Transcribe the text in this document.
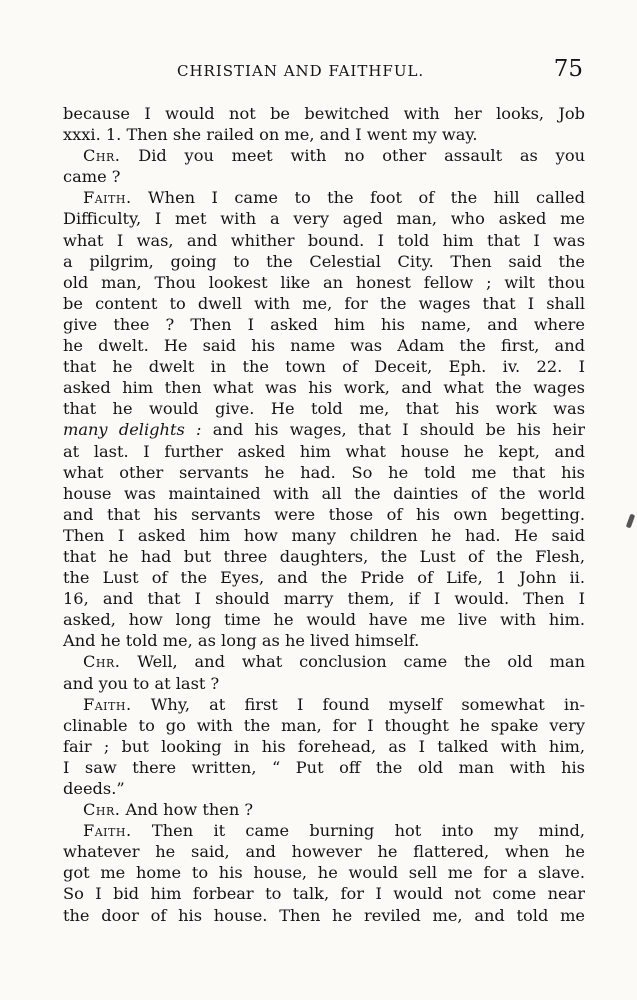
CHRISTIAN AND FAITHFUL.	75
because I would not be bewitched with her looks, Job
xxxi. 1. Then she railed on me, and I went my way.
Chr. Did you meet with no other assault as you
came ?
Faith. When I came to the foot of the hill called
Difficulty, I met with a very aged man, who asked me
what I was, and whither bound. I told him that I was
a pilgrim, going to the Celestial City. Then said the
old man, Thou lookest like an honest fellow ; wilt thou
be content to dwell with me, for the wages that I shall
give thee ? Then I asked him his name, and where
he dwelt. He said his name was Adam the first, and
that he dwelt in the town of Deceit, Eph. iv. 22. I
asked him then what was his work, and what the wages
that he would give. He told me, that his work was
many delights : and his wages, that I should be his heir
at last. I further asked him what house he kept, and
what other servants he had. So he told me that his
house was maintained with all the dainties of the world
and that his servants were those of his own begetting.
Then I asked him how many children he had. He said
that he had but three daughters, the Lust of the Flesh,
the Lust of the Eyes, and the Pride of Life, 1 John ii.
16, and that I should marry them, if I would. Then I
asked, how long time he would have me live with him.
And he told me, as long as he lived himself.
Chr. Well, and what conclusion came the old man
and you to at last ?
Faith. Why, at first I found myself somewhat in-
clinable to go with the man, for I thought he spake very
fair ; but looking in his forehead, as I talked with him,
I saw there written, “ Put off the old man with his
deeds.”
Chr. And how then ?
Faith. Then it came burning hot into my mind,
whatever he said, and however he flattered, when he
got me home to his house, he would sell me for a slave.
So I bid him forbear to talk, for I would not come near
the door of his house. Then he reviled me, and told me
